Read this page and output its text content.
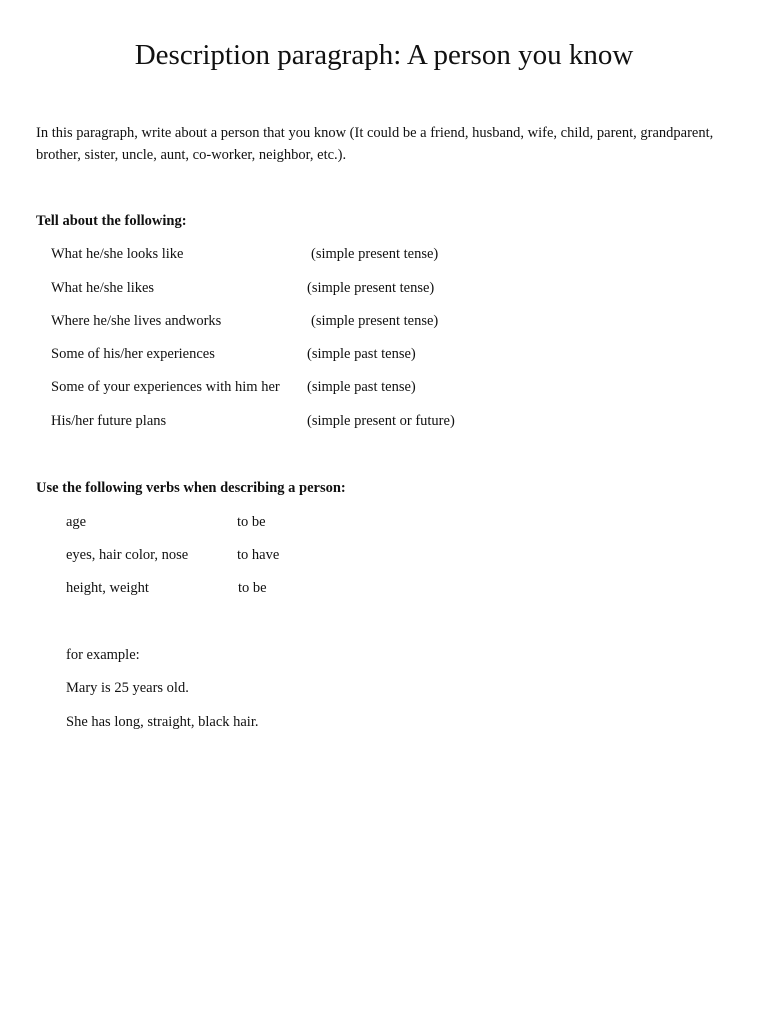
Description paragraph: A person you know

In this paragraph, write about a person that you know (It could be a friend, husband, wife, child, parent, grandparent, brother, sister, uncle, aunt, co-worker, neighbor, etc.).

Tell about the following:

What he/she looks like	(simple present tense)
What he/she likes	(simple present tense)
Where he/she lives andworks	(simple present tense)
Some of his/her experiences	(simple past tense)
Some of your experiences with him her (simple past tense)
His/her future plans	(simple present or future)

Use the following verbs when describing a person:

age	to be
eyes, hair color, nose	to have
height, weight	to be
for example:
Mary is 25 years old.
She has long, straight, black hair.
